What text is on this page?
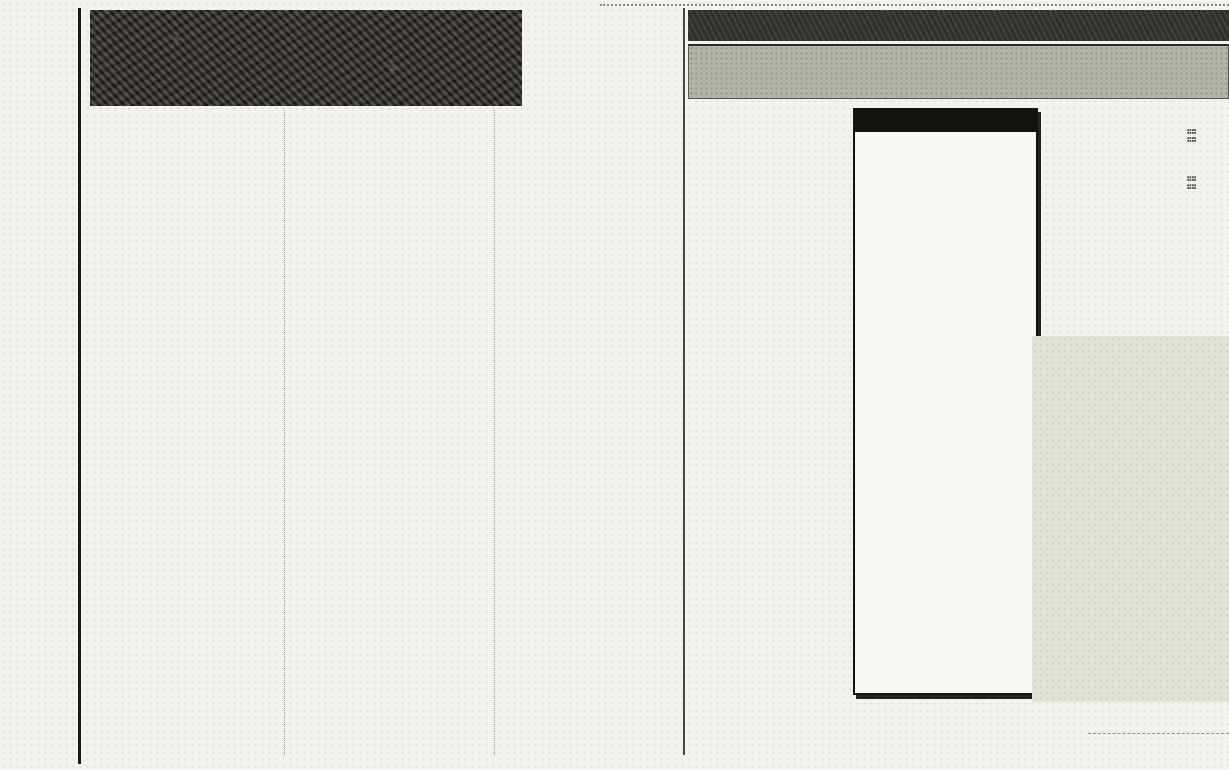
⣿⣿ ⣿⣿
